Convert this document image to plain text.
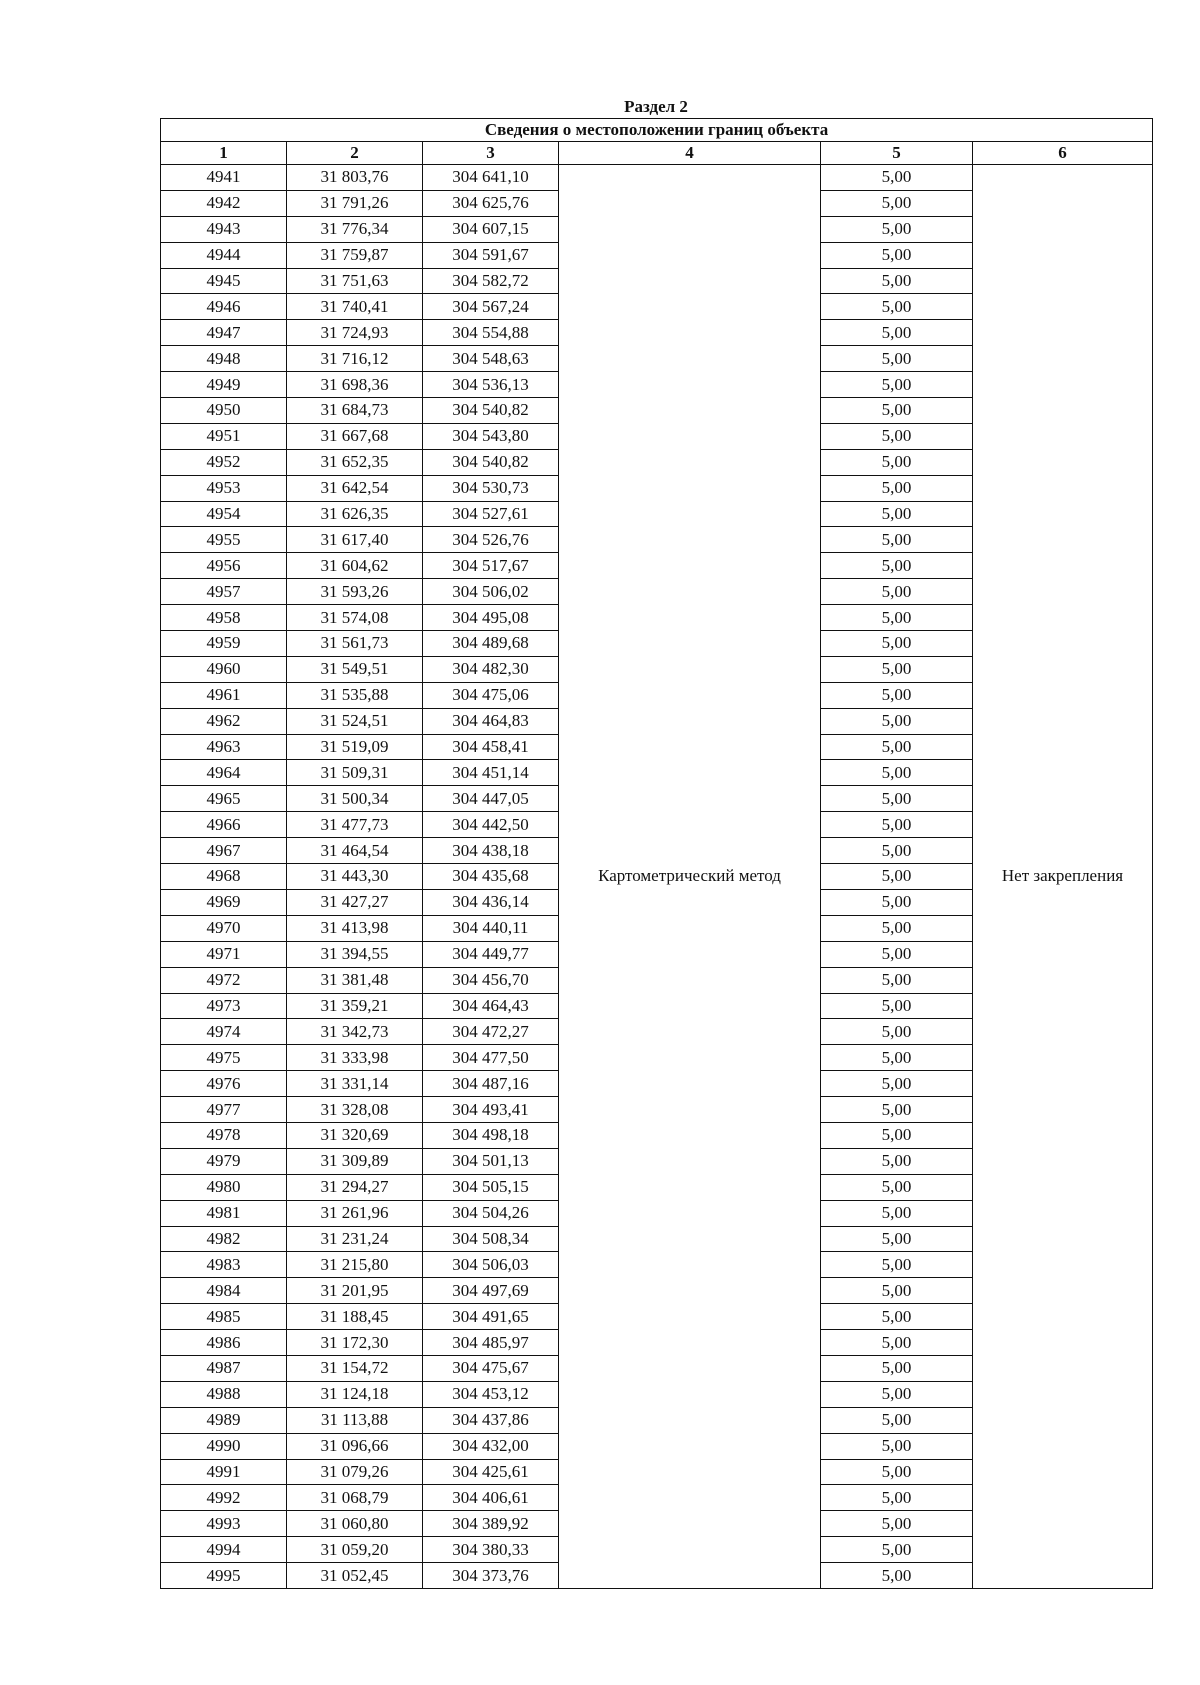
Раздел 2
Сведения о местоположении границ объекта					
1	2	3	4	5	6
4941	31 803,76	304 641,10	Картометрический метод	5,00	Нет закрепления
4942	31 791,26	304 625,76		5,00	
4943	31 776,34	304 607,15		5,00	
4944	31 759,87	304 591,67		5,00	
4945	31 751,63	304 582,72		5,00	
4946	31 740,41	304 567,24		5,00	
4947	31 724,93	304 554,88		5,00	
4948	31 716,12	304 548,63		5,00	
4949	31 698,36	304 536,13		5,00	
4950	31 684,73	304 540,82		5,00	
4951	31 667,68	304 543,80		5,00	
4952	31 652,35	304 540,82		5,00	
4953	31 642,54	304 530,73		5,00	
4954	31 626,35	304 527,61		5,00	
4955	31 617,40	304 526,76		5,00	
4956	31 604,62	304 517,67		5,00	
4957	31 593,26	304 506,02		5,00	
4958	31 574,08	304 495,08		5,00	
4959	31 561,73	304 489,68		5,00	
4960	31 549,51	304 482,30		5,00	
4961	31 535,88	304 475,06		5,00	
4962	31 524,51	304 464,83		5,00	
4963	31 519,09	304 458,41		5,00	
4964	31 509,31	304 451,14		5,00	
4965	31 500,34	304 447,05		5,00	
4966	31 477,73	304 442,50		5,00	
4967	31 464,54	304 438,18		5,00	
4968	31 443,30	304 435,68		5,00	
4969	31 427,27	304 436,14		5,00	
4970	31 413,98	304 440,11		5,00	
4971	31 394,55	304 449,77		5,00	
4972	31 381,48	304 456,70		5,00	
4973	31 359,21	304 464,43		5,00	
4974	31 342,73	304 472,27		5,00	
4975	31 333,98	304 477,50		5,00	
4976	31 331,14	304 487,16		5,00	
4977	31 328,08	304 493,41		5,00	
4978	31 320,69	304 498,18		5,00	
4979	31 309,89	304 501,13		5,00	
4980	31 294,27	304 505,15		5,00	
4981	31 261,96	304 504,26		5,00	
4982	31 231,24	304 508,34		5,00	
4983	31 215,80	304 506,03		5,00	
4984	31 201,95	304 497,69		5,00	
4985	31 188,45	304 491,65		5,00	
4986	31 172,30	304 485,97		5,00	
4987	31 154,72	304 475,67		5,00	
4988	31 124,18	304 453,12		5,00	
4989	31 113,88	304 437,86		5,00	
4990	31 096,66	304 432,00		5,00	
4991	31 079,26	304 425,61		5,00	
4992	31 068,79	304 406,61		5,00	
4993	31 060,80	304 389,92		5,00	
4994	31 059,20	304 380,33		5,00	
4995	31 052,45	304 373,76		5,00	
